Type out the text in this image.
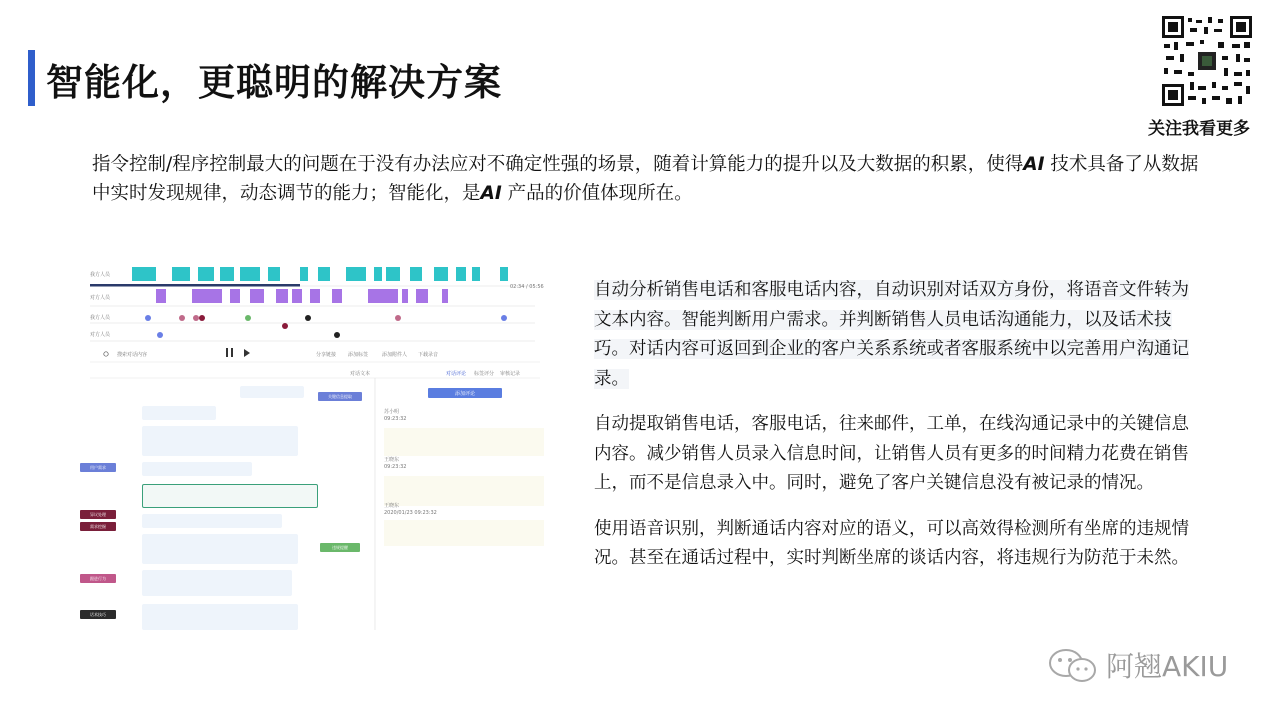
智能化，更聪明的解决方案
关注我看更多
指令控制/程序控制最大的问题在于没有办法应对不确定性强的场景，随着计算能力的提升以及大数据的积累，使得AI 技术具备了从数据中实时发现规律，动态调节的能力；智能化，是AI 产品的价值体现所在。
我方人员
对方人员
我方人员
对方人员
02:34 / 05:56
搜索对话内容	分享链接 添加标签	添加附件人 下载录音
对话文本	对话评论 标签评分 审核记录
添加评论
苏小明
09:23:32
王晓东
09:23:32
王晓东
2020/01/23 09:23:32
用户需求
异议处理
需求挖掘
跟进行为
话术技巧
关键信息提取
违规提醒

自动分析销售电话和客服电话内容，自动识别对话双方身份，将语音文件转为文本内容。智能判断用户需求。并判断销售人员电话沟通能力，以及话术技巧。对话内容可返回到企业的客户关系系统或者客服系统中以完善用户沟通记录。

自动提取销售电话，客服电话，往来邮件，工单，在线沟通记录中的关键信息内容。减少销售人员录入信息时间，让销售人员有更多的时间精力花费在销售上，而不是信息录入中。同时，避免了客户关键信息没有被记录的情况。

使用语音识别，判断通话内容对应的语义，可以高效得检测所有坐席的违规情况。甚至在通话过程中，实时判断坐席的谈话内容，将违规行为防范于未然。

阿翘AKIU
